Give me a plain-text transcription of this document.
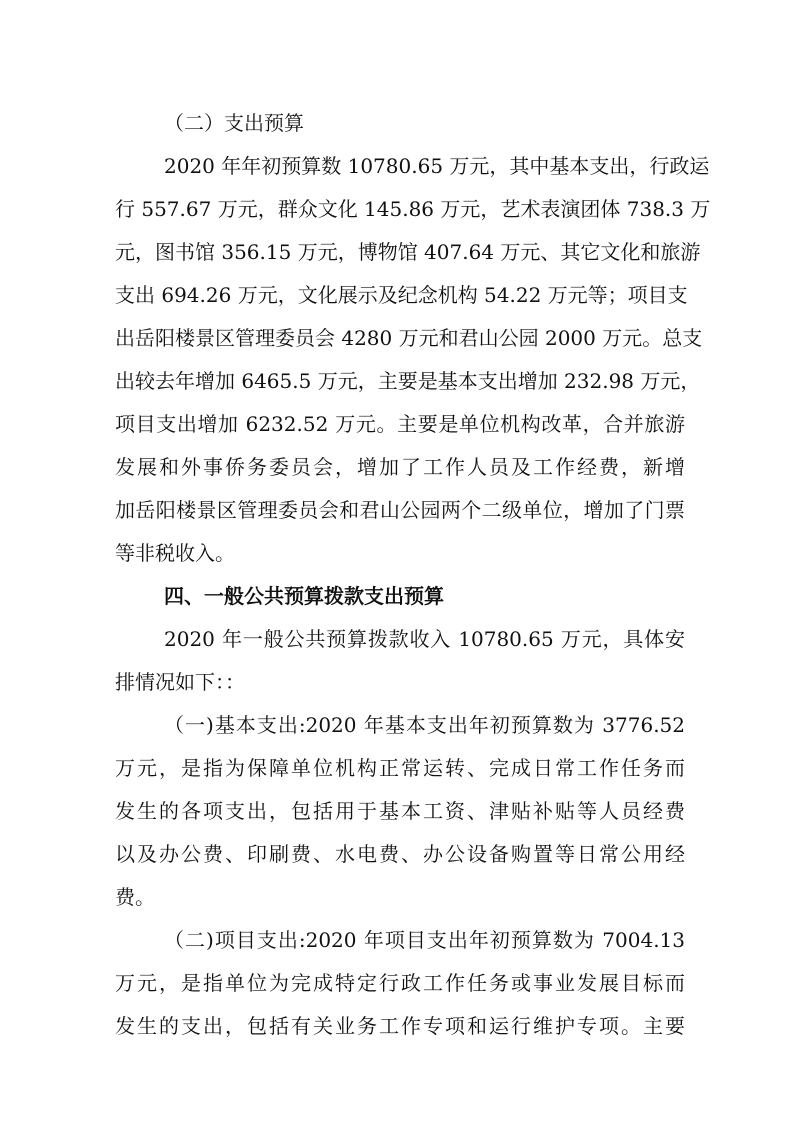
（二）支出预算
2020 年年初预算数 10780.65 万元，其中基本支出，行政运
行 557.67 万元，群众文化 145.86 万元，艺术表演团体 738.3 万
元，图书馆 356.15 万元，博物馆 407.64 万元、其它文化和旅游
支出 694.26 万元，文化展示及纪念机构 54.22 万元等；项目支
出岳阳楼景区管理委员会 4280 万元和君山公园 2000 万元。总支
出较去年增加 6465.5 万元，主要是基本支出增加 232.98 万元，
项目支出增加 6232.52 万元。主要是单位机构改革，合并旅游
发展和外事侨务委员会，增加了工作人员及工作经费，新增
加岳阳楼景区管理委员会和君山公园两个二级单位，增加了门票
等非税收入。
四、一般公共预算拨款支出预算
2020 年一般公共预算拨款收入 10780.65 万元，具体安
排情况如下：：
（一)基本支出:2020 年基本支出年初预算数为 3776.52
万元，是指为保障单位机构正常运转、完成日常工作任务而
发生的各项支出，包括用于基本工资、津贴补贴等人员经费
以及办公费、印刷费、水电费、办公设备购置等日常公用经
费。
（二)项目支出:2020 年项目支出年初预算数为 7004.13
万元，是指单位为完成特定行政工作任务或事业发展目标而
发生的支出，包括有关业务工作专项和运行维护专项。主要
